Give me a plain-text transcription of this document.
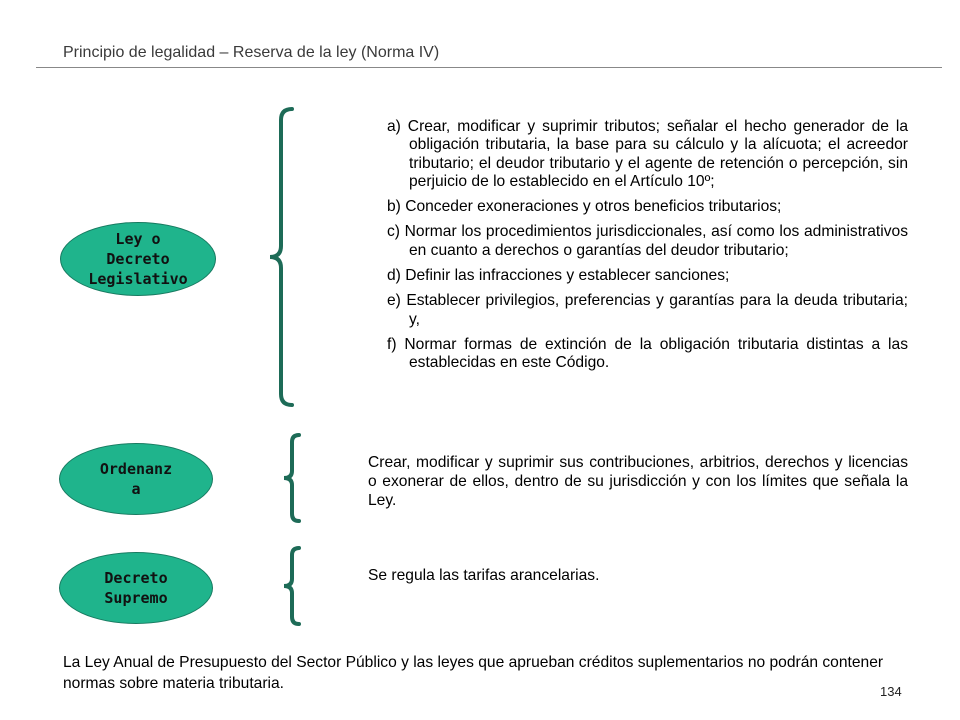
Principio de legalidad – Reserva de la ley (Norma IV)
Ley o
Decreto
Legislativo
a) Crear, modificar y suprimir tributos; señalar el hecho generador de la obligación tributaria, la base para su cálculo y la alícuota; el acreedor tributario; el deudor tributario y el agente de retención o percepción, sin perjuicio de lo establecido en el Artículo 10º;
b) Conceder exoneraciones y otros beneficios tributarios;
c) Normar los procedimientos jurisdiccionales, así como los administrativos en cuanto a derechos o garantías del deudor tributario;
d) Definir las infracciones y establecer sanciones;
e) Establecer privilegios, preferencias y garantías para la deuda tributaria; y,
f) Normar formas de extinción de la obligación tributaria distintas a las establecidas en este Código.
Ordenanz
a
Crear, modificar y suprimir sus contribuciones, arbitrios, derechos y licencias o exonerar de ellos, dentro de su jurisdicción y con los límites que señala la Ley.
Decreto
Supremo
Se regula las tarifas arancelarias.
La Ley Anual de Presupuesto del Sector Público y las leyes que aprueban créditos suplementarios no podrán contener normas sobre materia tributaria.	134
